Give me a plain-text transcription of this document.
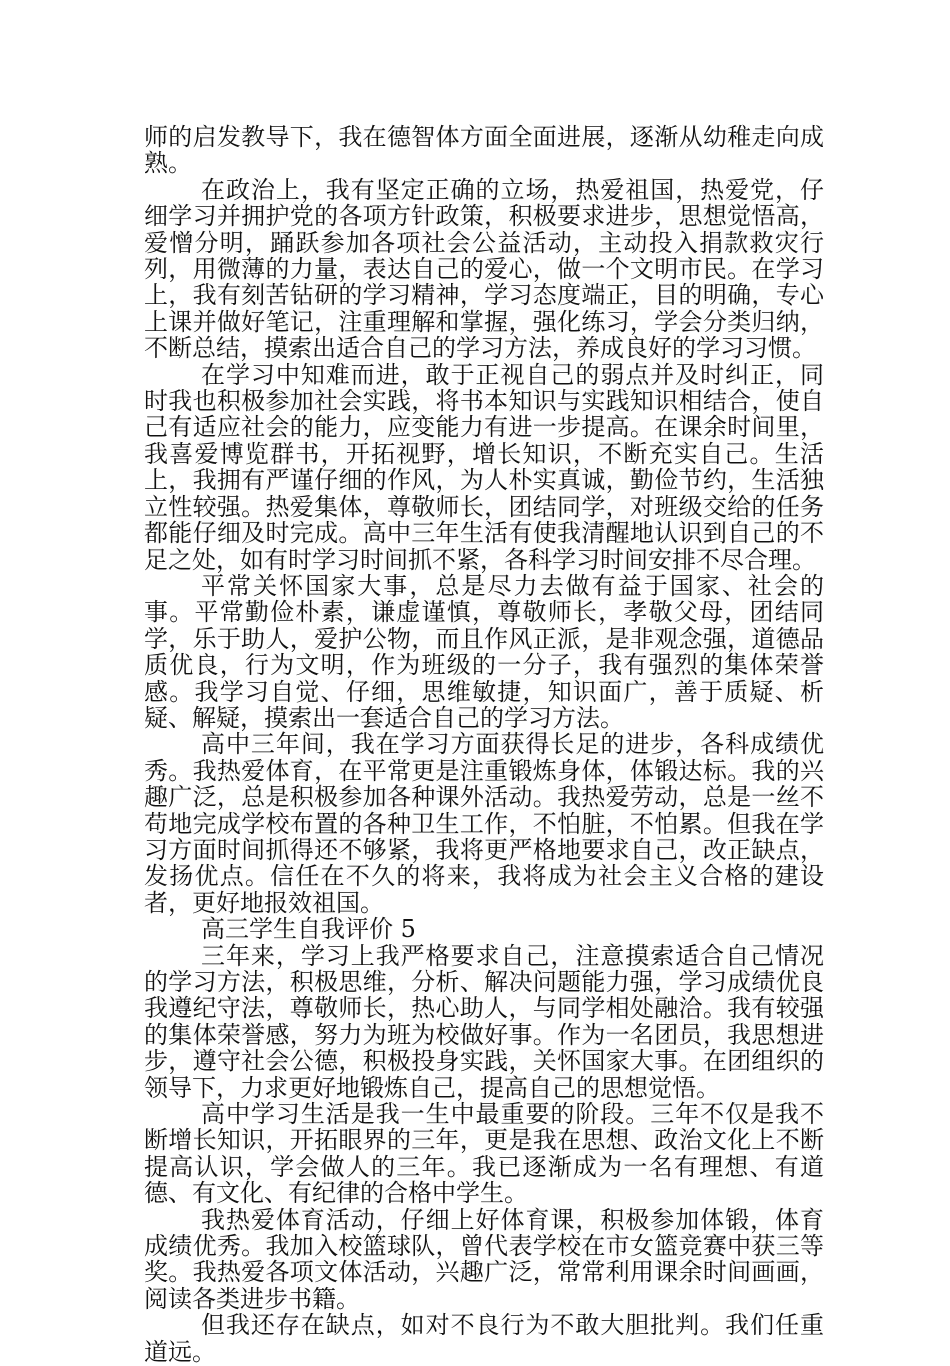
师的启发教导下，我在德智体方面全面进展，逐渐从幼稚走向成熟。

在政治上，我有坚定正确的立场，热爱祖国，热爱党，仔细学习并拥护党的各项方针政策，积极要求进步，思想觉悟高，爱憎分明，踊跃参加各项社会公益活动，主动投入捐款救灾行列，用微薄的力量，表达自己的爱心，做一个文明市民。在学习上，我有刻苦钻研的学习精神，学习态度端正，目的明确，专心上课并做好笔记，注重理解和掌握，强化练习，学会分类归纳，不断总结，摸索出适合自己的学习方法，养成良好的学习习惯。

在学习中知难而进，敢于正视自己的弱点并及时纠正，同时我也积极参加社会实践，将书本知识与实践知识相结合，使自己有适应社会的能力，应变能力有进一步提高。在课余时间里，我喜爱博览群书，开拓视野，增长知识，不断充实自己。生活上，我拥有严谨仔细的作风，为人朴实真诚，勤俭节约，生活独立性较强。热爱集体，尊敬师长，团结同学，对班级交给的任务都能仔细及时完成。高中三年生活有使我清醒地认识到自己的不足之处，如有时学习时间抓不紧，各科学习时间安排不尽合理。

平常关怀国家大事，总是尽力去做有益于国家、社会的事。平常勤俭朴素，谦虚谨慎，尊敬师长，孝敬父母，团结同学，乐于助人，爱护公物，而且作风正派，是非观念强，道德品质优良，行为文明，作为班级的一分子，我有强烈的集体荣誉感。我学习自觉、仔细，思维敏捷，知识面广，善于质疑、析疑、解疑，摸索出一套适合自己的学习方法。

高中三年间，我在学习方面获得长足的进步，各科成绩优秀。我热爱体育，在平常更是注重锻炼身体，体锻达标。我的兴趣广泛，总是积极参加各种课外活动。我热爱劳动，总是一丝不苟地完成学校布置的各种卫生工作，不怕脏，不怕累。但我在学习方面时间抓得还不够紧，我将更严格地要求自己，改正缺点，发扬优点。信任在不久的将来，我将成为社会主义合格的建设者，更好地报效祖国。

高三学生自我评价 5

三年来，学习上我严格要求自己，注意摸索适合自己情况的学习方法，积极思维，分析、解决问题能力强，学习成绩优良我遵纪守法，尊敬师长，热心助人，与同学相处融洽。我有较强的集体荣誉感，努力为班为校做好事。作为一名团员，我思想进步，遵守社会公德，积极投身实践，关怀国家大事。在团组织的领导下，力求更好地锻炼自己，提高自己的思想觉悟。

高中学习生活是我一生中最重要的阶段。三年不仅是我不断增长知识，开拓眼界的三年，更是我在思想、政治文化上不断提高认识，学会做人的三年。我已逐渐成为一名有理想、有道德、有文化、有纪律的合格中学生。

我热爱体育活动，仔细上好体育课，积极参加体锻，体育成绩优秀。我加入校篮球队，曾代表学校在市女篮竞赛中获三等奖。我热爱各项文体活动，兴趣广泛，常常利用课余时间画画，阅读各类进步书籍。

但我还存在缺点，如对不良行为不敢大胆批判。我们任重道远。
